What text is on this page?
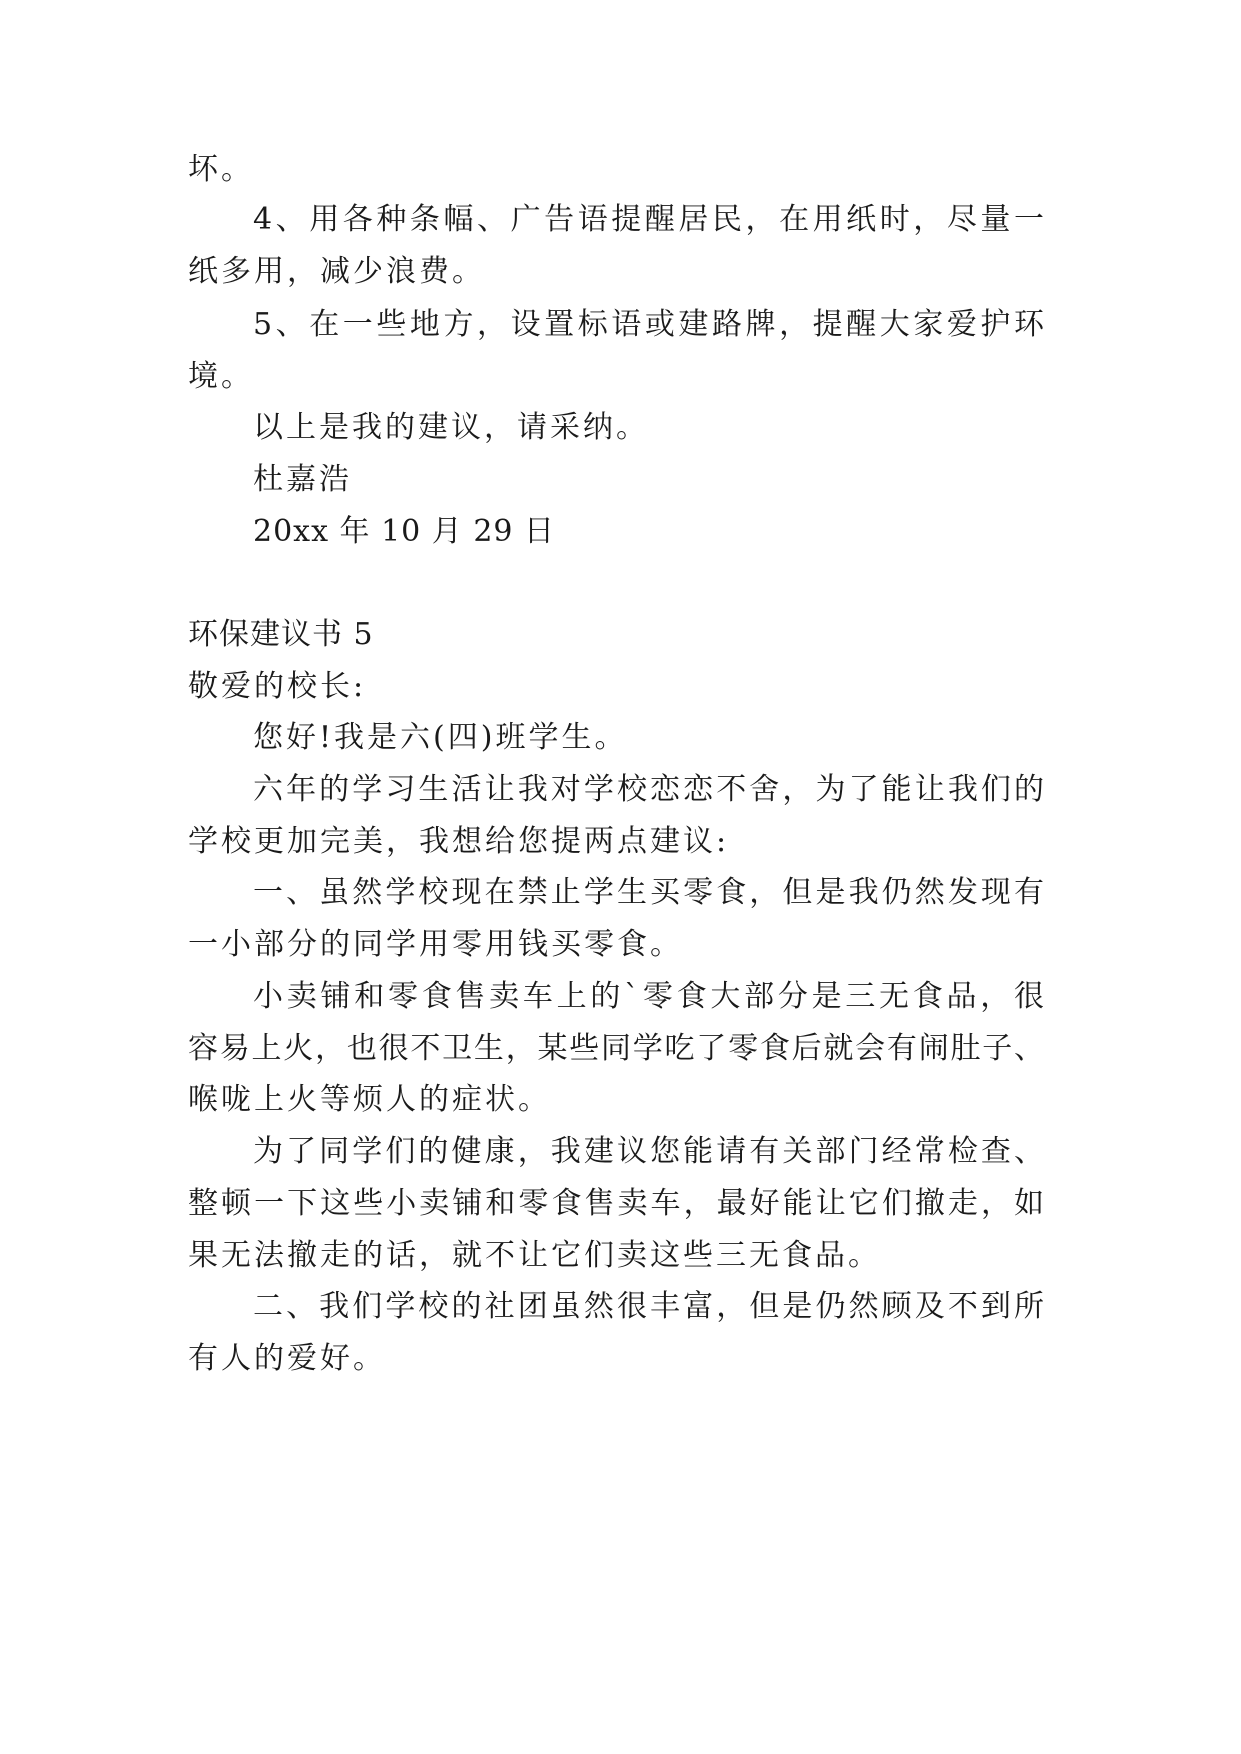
坏。
4、用各种条幅、广告语提醒居民，在用纸时，尽量一
纸多用，减少浪费。
5、在一些地方，设置标语或建路牌，提醒大家爱护环
境。
以上是我的建议，请采纳。
杜嘉浩
20xx 年 10 月 29 日
环保建议书 5
敬爱的校长:
您好!我是六(四)班学生。
六年的学习生活让我对学校恋恋不舍，为了能让我们的
学校更加完美，我想给您提两点建议:
一、虽然学校现在禁止学生买零食，但是我仍然发现有
一小部分的同学用零用钱买零食。
小卖铺和零食售卖车上的`零食大部分是三无食品，很
容易上火，也很不卫生，某些同学吃了零食后就会有闹肚子、
喉咙上火等烦人的症状。
为了同学们的健康，我建议您能请有关部门经常检查、
整顿一下这些小卖铺和零食售卖车，最好能让它们撤走，如
果无法撤走的话，就不让它们卖这些三无食品。
二、我们学校的社团虽然很丰富，但是仍然顾及不到所
有人的爱好。
